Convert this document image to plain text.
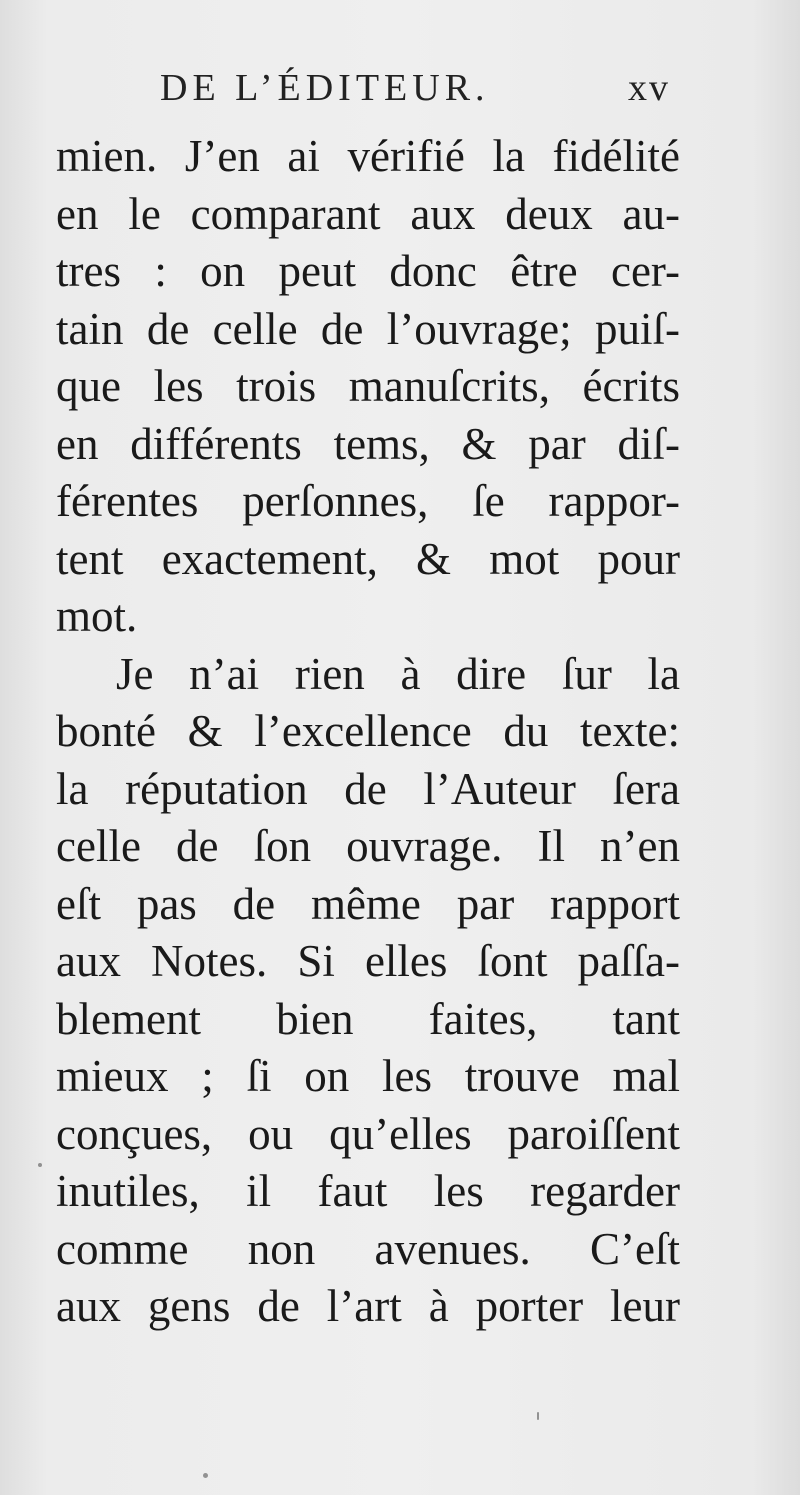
DE L’ÉDITEUR.	xv
mien. J’en ai vérifié la fidélité
en le comparant aux deux au-
tres : on peut donc être cer-
tain de celle de l’ouvrage; puiſ-
que les trois manuſcrits, écrits
en différents tems, & par diſ-
férentes perſonnes, ſe rappor-
tent exactement, & mot pour
mot.
Je n’ai rien à dire ſur la
bonté & l’excellence du texte:
la réputation de l’Auteur ſera
celle de ſon ouvrage. Il n’en
eſt pas de même par rapport
aux Notes. Si elles ſont paſſa-
blement bien faites, tant
mieux ; ſi on les trouve mal
conçues, ou qu’elles paroiſſent
inutiles, il faut les regarder
comme non avenues. C’eſt
aux gens de l’art à porter leur
